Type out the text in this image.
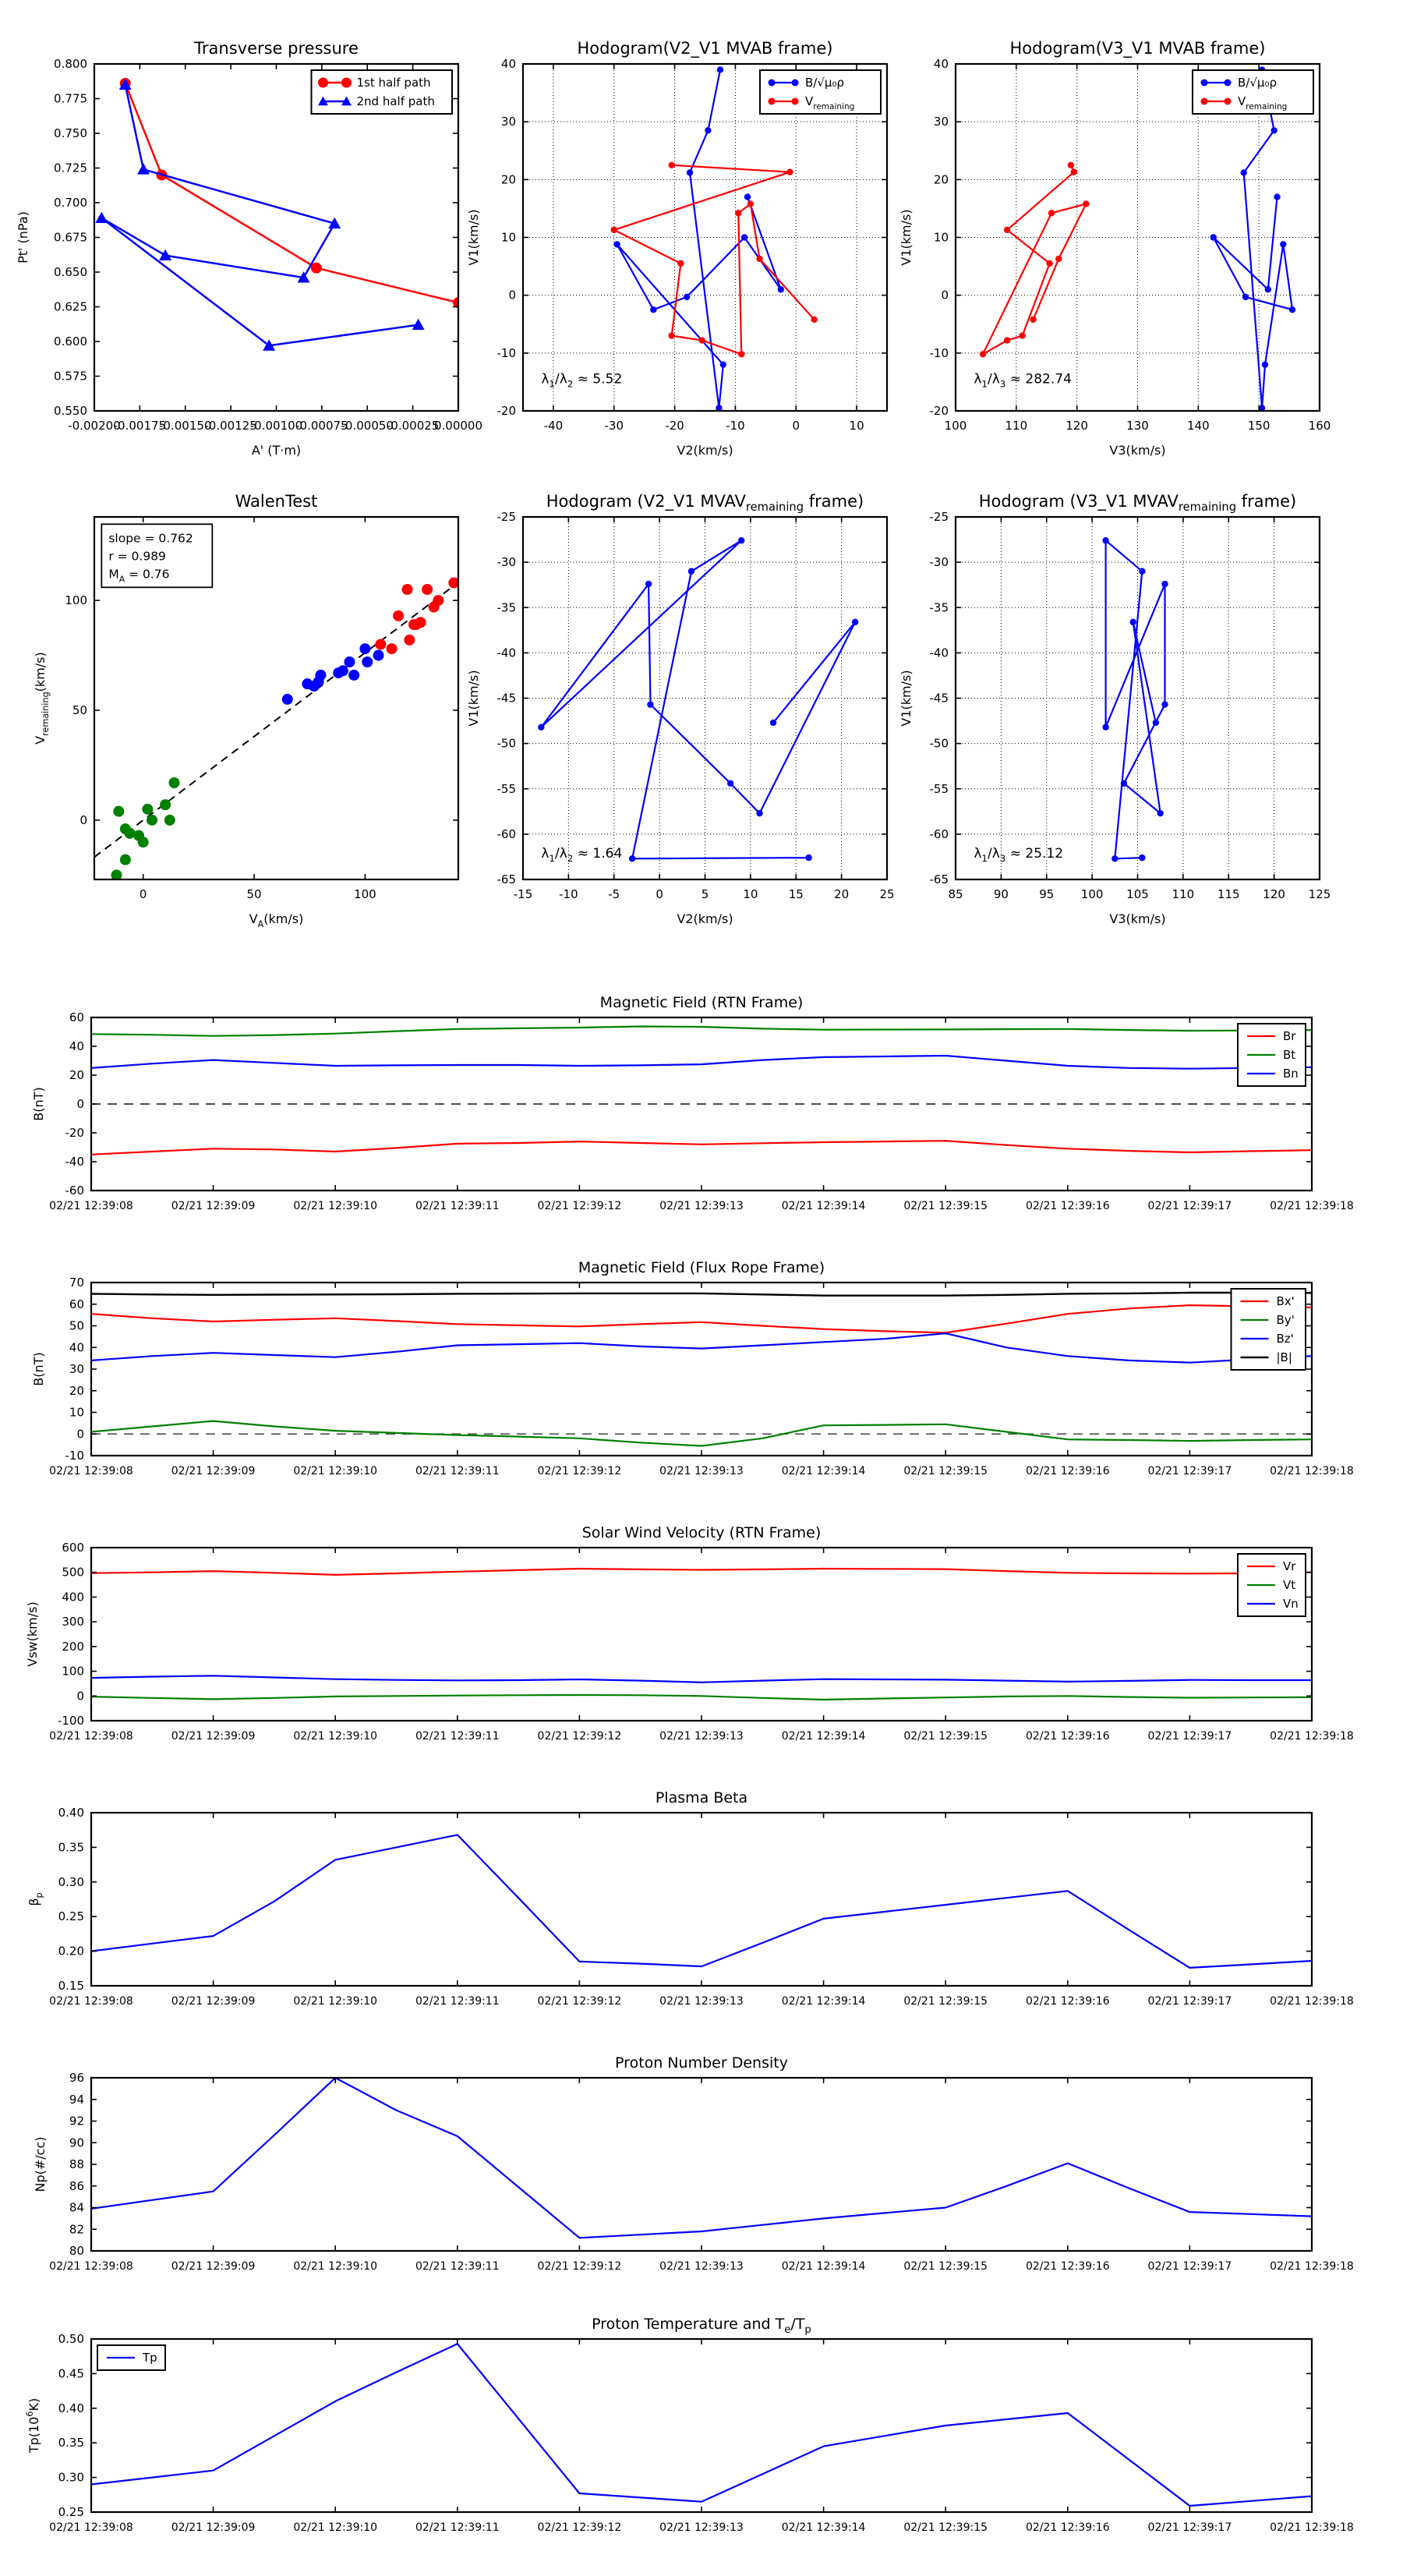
-0.00200
-0.00175
-0.00150
-0.00125
-0.00100
-0.00075
-0.00050
-0.00025
0.00000
0.550
0.575
0.600
0.625
0.650
0.675
0.700
0.725
0.750
0.775
0.800
Transverse pressure
A' (T·m)
Pt' (nPa)
1st half path
2nd half path
-40	-30	-20	-10	0	10
-20
-10
0
10
20
30
40
Hodogram(V2_V1 MVAB frame)
V2(km/s)
V1(km/s)
$\lambda_1/\lambda_2 \approx 5.52$
B/√μ₀ρ
$V_{remaining}$
100	110	120	130	140	150	160
-20
-10
0
10
20
30
40
Hodogram(V3_V1 MVAB frame)
V3(km/s)
V1(km/s)
$\lambda_1/\lambda_3 \approx 282.74$
B/√μ₀ρ
$V_{remaining}$
0	50	100
0
50
100
WalenTest
$V_A(km/s)$
$V_{remaining}(km/s)$
slope = 0.762
r = 0.989
$M_A = 0.76$
-15 -10	-5	0	5	10	15	20	25
-65
-60
-55
-50
-45
-40
-35
-30
-25
Hodogram (V2_V1 $MVAV_{remaining}$ frame)
V2(km/s)
V1(km/s)
$\lambda_1/\lambda_2 \approx 1.64$
85	90	95 100 105 110 115 120 125
-65
-60
-55
-50
-45
-40
-35
-30
-25
Hodogram (V3_V1 $MVAV_{remaining}$ frame)
V3(km/s)
V1(km/s)
$\lambda_1/\lambda_3 \approx 25.12$
02/21 12:39:08	02/21 12:39:09	02/21 12:39:10	02/21 12:39:11	02/21 12:39:12	02/21 12:39:13	02/21 12:39:14	02/21 12:39:15	02/21 12:39:16	02/21 12:39:17	02/21 12:39:18
-60
-40
-20
0
20
40
60
Magnetic Field (RTN Frame)
B(nT)
Br
Bt
Bn
02/21 12:39:08	02/21 12:39:09	02/21 12:39:10	02/21 12:39:11	02/21 12:39:12	02/21 12:39:13	02/21 12:39:14	02/21 12:39:15	02/21 12:39:16	02/21 12:39:17	02/21 12:39:18
-10
0
10
20
30
40
50
60
70
Magnetic Field (Flux Rope Frame)
B(nT)
Bx'
By'
Bz'
|B|
02/21 12:39:08	02/21 12:39:09	02/21 12:39:10	02/21 12:39:11	02/21 12:39:12	02/21 12:39:13	02/21 12:39:14	02/21 12:39:15	02/21 12:39:16	02/21 12:39:17	02/21 12:39:18
-100
0
100
200
300
400
500
600
Solar Wind Velocity (RTN Frame)
Vsw(km/s)
Vr
Vt
Vn
02/21 12:39:08	02/21 12:39:09	02/21 12:39:10	02/21 12:39:11	02/21 12:39:12	02/21 12:39:13	02/21 12:39:14	02/21 12:39:15	02/21 12:39:16	02/21 12:39:17	02/21 12:39:18
0.15
0.20
0.25
0.30
0.35
0.40
Plasma Beta
$\beta_p$
02/21 12:39:08	02/21 12:39:09	02/21 12:39:10	02/21 12:39:11	02/21 12:39:12	02/21 12:39:13	02/21 12:39:14	02/21 12:39:15	02/21 12:39:16	02/21 12:39:17	02/21 12:39:18
80
82
84
86
88
90
92
94
96
Proton Number Density
Np(#/cc)
02/21 12:39:08	02/21 12:39:09	02/21 12:39:10	02/21 12:39:11	02/21 12:39:12	02/21 12:39:13	02/21 12:39:14	02/21 12:39:15	02/21 12:39:16	02/21 12:39:17	02/21 12:39:18
0.25
0.30
0.35
0.40
0.45
0.50
Proton Temperature and $T_e/T_p$
$Tp(10^6K)$
Tp
